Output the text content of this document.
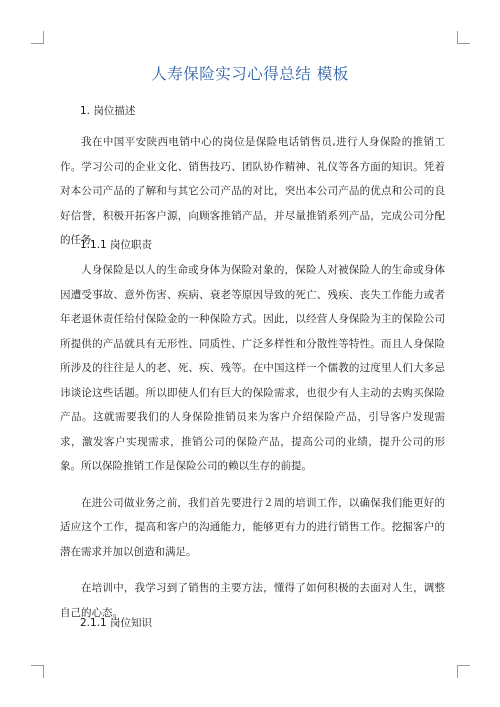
人寿保险实习心得总结 模板
1. 岗位描述

我在中国平安陕西电销中心的岗位是保险电话销售员,进行人身保险的推销工作。学习公司的企业文化、销售技巧、团队协作精神、礼仪等各方面的知识。凭着对本公司产品的了解和与其它公司产品的对比，突出本公司产品的优点和公司的良好信誉，积极开拓客户源，向顾客推销产品，并尽量推销系列产品，完成公司分配的任务.

1.1.1 岗位职责

人身保险是以人的生命或身体为保险对象的，保险人对被保险人的生命或身体因遭受事故、意外伤害、疾病、衰老等原因导致的死亡、残疾、丧失工作能力或者年老退休责任给付保险金的一种保险方式。因此，以经营人身保险为主的保险公司所提供的产品就具有无形性、同质性、广泛多样性和分散性等特性。而且人身保险所涉及的往往是人的老、死、疾、残等。在中国这样一个儒教的过度里人们大多忌讳谈论这些话题。所以即使人们有巨大的保险需求，也很少有人主动的去购买保险产品。这就需要我们的人身保险推销员来为客户介绍保险产品，引导客户发现需求，激发客户实现需求，推销公司的保险产品，提高公司的业绩，提升公司的形象。所以保险推销工作是保险公司的赖以生存的前提。

在进公司做业务之前，我们首先要进行２周的培训工作，以确保我们能更好的适应这个工作，提高和客户的沟通能力，能够更有力的进行销售工作。挖掘客户的潜在需求并加以创造和满足。

在培训中，我学习到了销售的主要方法，懂得了如何积极的去面对人生，调整自己的心态。

2.1.1 岗位知识
